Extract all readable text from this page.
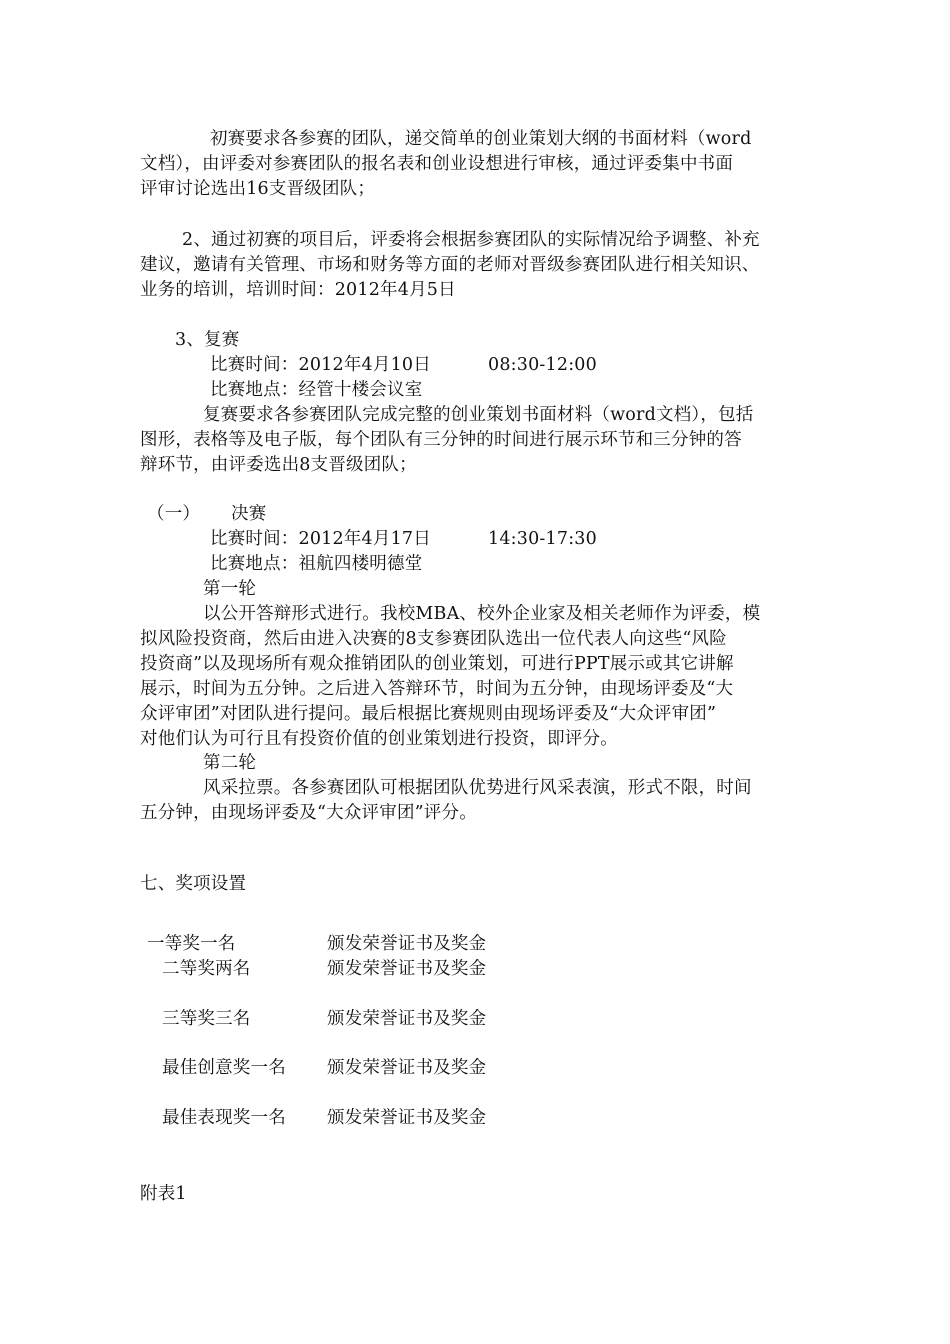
初赛要求各参赛的团队，递交简单的创业策划大纲的书面材料（word
文档），由评委对参赛团队的报名表和创业设想进行审核，通过评委集中书面
评审讨论选出16支晋级团队；
2、通过初赛的项目后，评委将会根据参赛团队的实际情况给予调整、补充
建议，邀请有关管理、市场和财务等方面的老师对晋级参赛团队进行相关知识、
业务的培训，培训时间：2012年4月5日
3、复赛
比赛时间：2012年4月10日	08:30-12:00
比赛地点：经管十楼会议室
复赛要求各参赛团队完成完整的创业策划书面材料（word文档），包括
图形，表格等及电子版，每个团队有三分钟的时间进行展示环节和三分钟的答
辩环节，由评委选出8支晋级团队；
（一） 决赛
比赛时间：2012年4月17日	14:30-17:30
比赛地点：祖航四楼明德堂
第一轮
以公开答辩形式进行。我校MBA、校外企业家及相关老师作为评委，模
拟风险投资商，然后由进入决赛的8支参赛团队选出一位代表人向这些“风险
投资商”以及现场所有观众推销团队的创业策划，可进行PPT展示或其它讲解
展示，时间为五分钟。之后进入答辩环节，时间为五分钟，由现场评委及“大
众评审团”对团队进行提问。最后根据比赛规则由现场评委及“大众评审团”
对他们认为可行且有投资价值的创业策划进行投资，即评分。
第二轮
风采拉票。各参赛团队可根据团队优势进行风采表演，形式不限，时间
五分钟，由现场评委及“大众评审团”评分。
七、奖项设置
一等奖一名	颁发荣誉证书及奖金
二等奖两名	颁发荣誉证书及奖金
三等奖三名	颁发荣誉证书及奖金
最佳创意奖一名 颁发荣誉证书及奖金
最佳表现奖一名 颁发荣誉证书及奖金
附表1
